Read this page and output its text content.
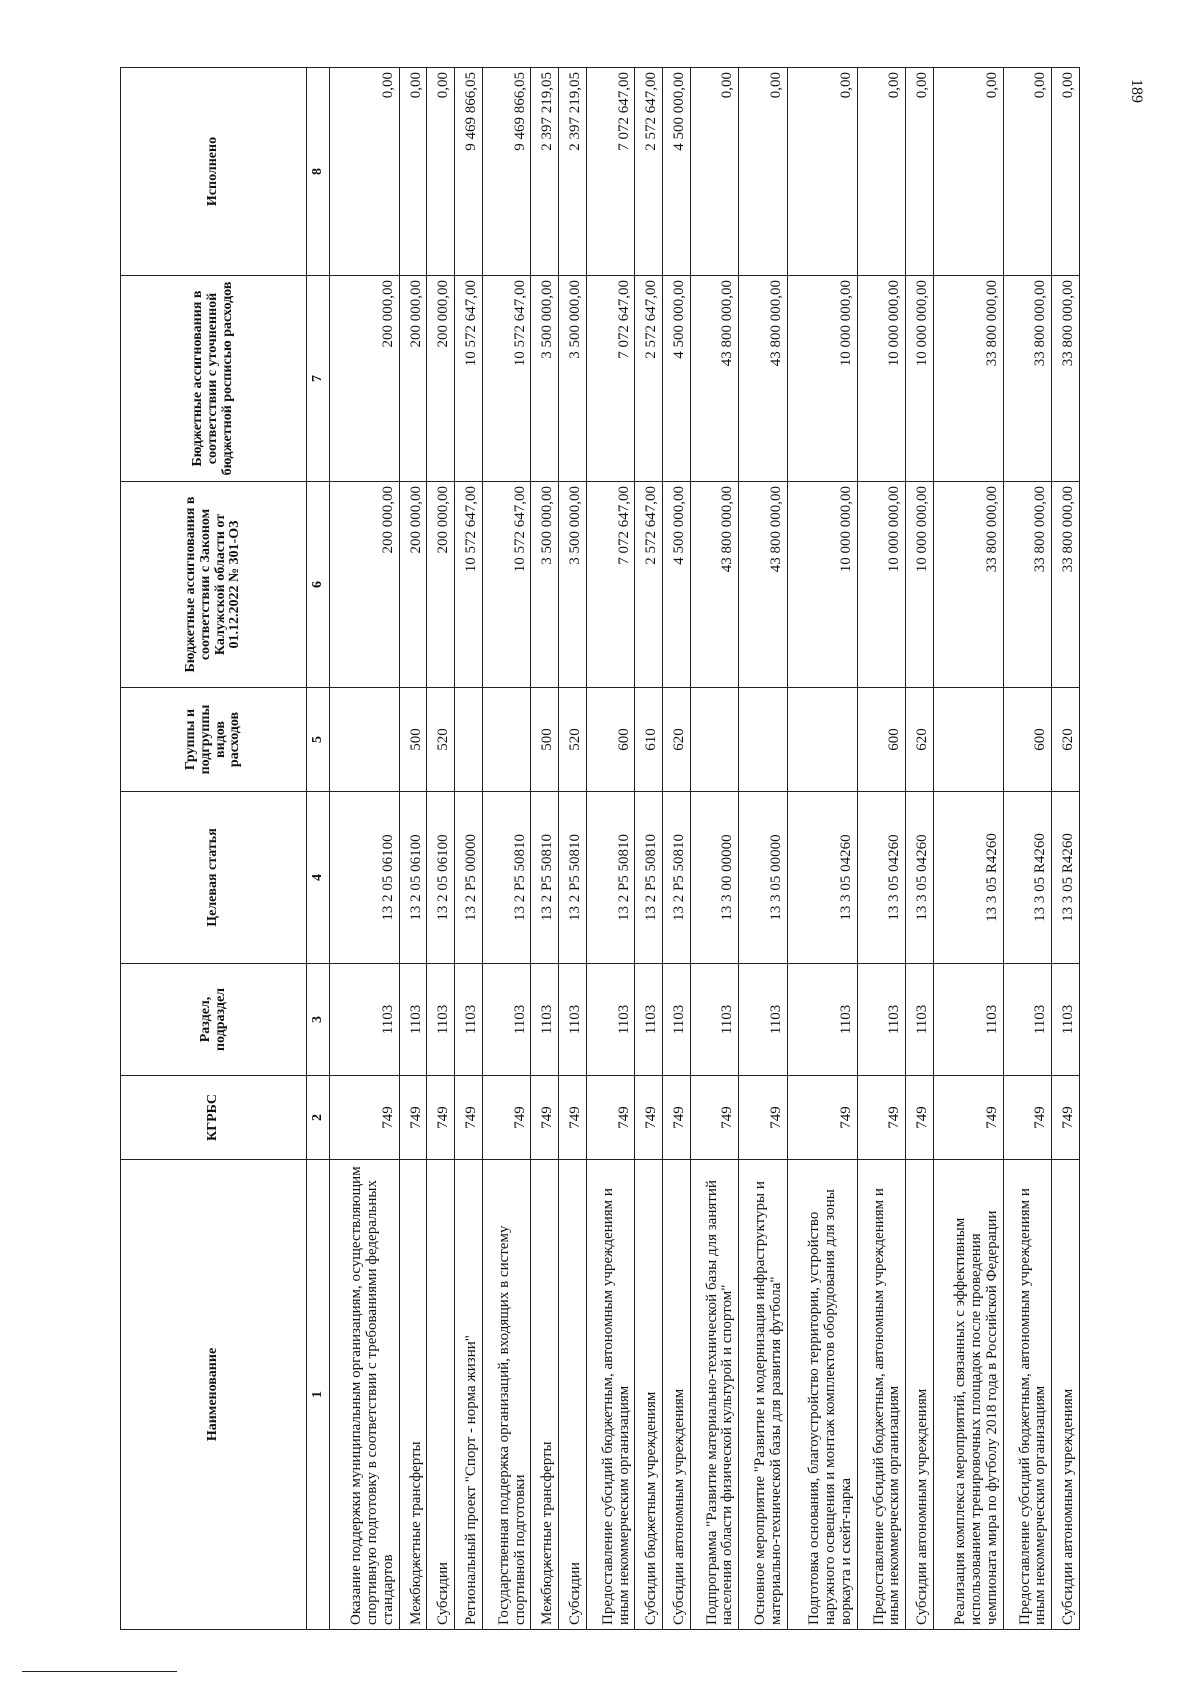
189
Наименование	КГРБС	Раздел, подраздел	Целевая статья	Группы и подгруппы видов расходов	Бюджетные ассигнования в соответствии с Законом Калужской области от 01.12.2022 № 301-ОЗ	Бюджетные ассигнования в соответствии с уточненной бюджетной росписью расходов	Исполнено
1	2	3	4	5	6	7	8
Оказание поддержки муниципальным организациям, осуществляющим спортивную подготовку в соответствии с требованиями федеральных стандартов	749	1103	13 2 05 06100		200 000,00	200 000,00	0,00
Межбюджетные трансферты	749	1103	13 2 05 06100	500	200 000,00	200 000,00	0,00
Субсидии	749	1103	13 2 05 06100	520	200 000,00	200 000,00	0,00
Региональный проект "Спорт - норма жизни"	749	1103	13 2 P5 00000		10 572 647,00	10 572 647,00	9 469 866,05
Государственная поддержка организаций, входящих в систему спортивной подготовки	749	1103	13 2 P5 50810		10 572 647,00	10 572 647,00	9 469 866,05
Межбюджетные трансферты	749	1103	13 2 P5 50810	500	3 500 000,00	3 500 000,00	2 397 219,05
Субсидии	749	1103	13 2 P5 50810	520	3 500 000,00	3 500 000,00	2 397 219,05
Предоставление субсидий бюджетным, автономным учреждениям и иным некоммерческим организациям	749	1103	13 2 P5 50810	600	7 072 647,00	7 072 647,00	7 072 647,00
Субсидии бюджетным учреждениям	749	1103	13 2 P5 50810	610	2 572 647,00	2 572 647,00	2 572 647,00
Субсидии автономным учреждениям	749	1103	13 2 P5 50810	620	4 500 000,00	4 500 000,00	4 500 000,00
Подпрограмма "Развитие материально-технической базы для занятий населения области физической культурой и спортом"	749	1103	13 3 00 00000		43 800 000,00	43 800 000,00	0,00
Основное мероприятие "Развитие и модернизация инфраструктуры и материально-технической базы для развития футбола"	749	1103	13 3 05 00000		43 800 000,00	43 800 000,00	0,00
Подготовка основания, благоустройство территории, устройство наружного освещения и монтаж комплектов оборудования для зоны воркаута и скейт-парка	749	1103	13 3 05 04260		10 000 000,00	10 000 000,00	0,00
Предоставление субсидий бюджетным, автономным учреждениям и иным некоммерческим организациям	749	1103	13 3 05 04260	600	10 000 000,00	10 000 000,00	0,00
Субсидии автономным учреждениям	749	1103	13 3 05 04260	620	10 000 000,00	10 000 000,00	0,00
Реализация комплекса мероприятий, связанных с эффективным использованием тренировочных площадок после проведения чемпионата мира по футболу 2018 года в Российской Федерации	749	1103	13 3 05 R4260		33 800 000,00	33 800 000,00	0,00
Предоставление субсидий бюджетным, автономным учреждениям и иным некоммерческим организациям	749	1103	13 3 05 R4260	600	33 800 000,00	33 800 000,00	0,00
Субсидии автономным учреждениям	749	1103	13 3 05 R4260	620	33 800 000,00	33 800 000,00	0,00
